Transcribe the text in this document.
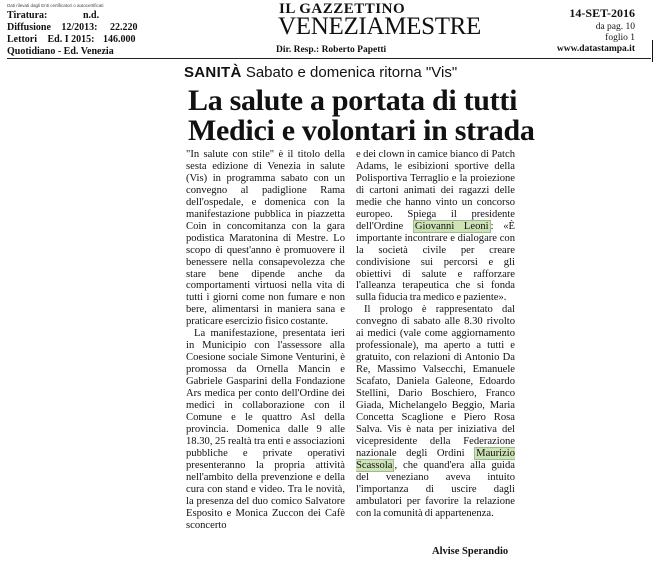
Dati rilevati dagli Enti certificatori o autocertificati
Tiratura:	n.d.
Diffusione 12/2013: 22.220
Lettori Ed. I 2015: 146.000
Quotidiano - Ed. Venezia
IL GAZZETTINO
VENEZIAMESTRE	14-SET-2016
da pag. 10
foglio 1
www.datastampa.it
Dir. Resp.: Roberto Papetti
SANITÀ Sabato e domenica ritorna "Vis"
La salute a portata di tutti
Medici e volontari in strada

"In salute con stile" è il titolo della sesta edizione di Venezia in salute (Vis) in programma sabato con un convegno al padiglione Rama dell'ospedale, e domenica con la manifestazione pubblica in piazzetta Coin in concomitanza con la gara podistica Maratonina di Mestre. Lo scopo di quest'anno è promuovere il benessere nella consapevolezza che stare bene dipende anche da comportamenti virtuosi nella vita di tutti i giorni come non fumare e non bere, alimentarsi in maniera sana e praticare esercizio fisico costante.

La manifestazione, presentata ieri in Municipio con l'assessore alla Coesione sociale Simone Venturini, è promossa da Ornella Mancin e Gabriele Gasparini della Fondazione Ars medica per conto dell'Ordine dei medici in collaborazione con il Comune e le quattro Asl della provincia. Domenica dalle 9 alle 18.30, 25 realtà tra enti e associazioni pubbliche e private operativi presenteranno la propria attività nell'ambito della prevenzione e della cura con stand e video. Tra le novità, la presenza del duo comico Salvatore Esposito e Monica Zuccon dei Cafè sconcerto

e dei clown in camice bianco di Patch Adams, le esibizioni sportive della Polisportiva Terraglio e la proiezione di cartoni animati dei ragazzi delle medie che hanno vinto un concorso europeo. Spiega il presidente dell'Ordine Giovanni Leoni : «È importante incontrare e dialogare con la società civile per creare condivisione sui percorsi e gli obiettivi di salute e rafforzare l'alleanza terapeutica che si fonda sulla fiducia tra medico e paziente».

Il prologo è rappresentato dal convegno di sabato alle 8.30 rivolto ai medici (vale come aggiornamento professionale), ma aperto a tutti e gratuito, con relazioni di Antonio Da Re, Massimo Valsecchi, Emanuele Scafato, Daniela Galeone, Edoardo Stellini, Dario Boschiero, Franco Giada, Michelangelo Beggio, Maria Concetta Scaglione e Piero Rosa Salva. Vis è nata per iniziativa del vicepresidente della Federazione nazionale degli Ordini Maurizio Scassola , che quand'era alla guida del veneziano aveva intuito l'importanza di uscire dagli ambulatori per favorire la relazione con la comunità di appartenenza.

Alvise Sperandio
